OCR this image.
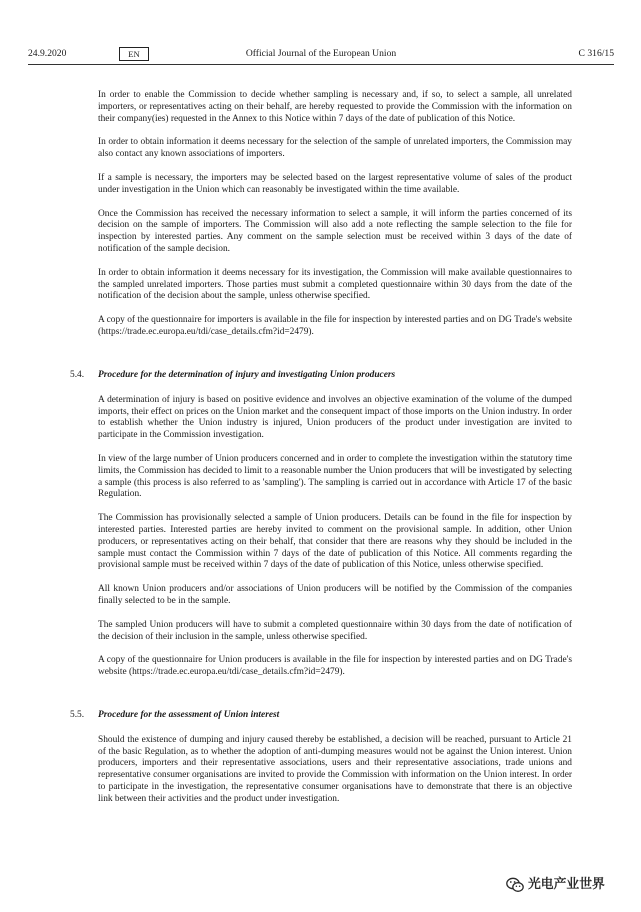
24.9.2020	Official Journal of the European Union
EN	C 316/15

In order to enable the Commission to decide whether sampling is necessary and, if so, to select a sample, all unrelated importers, or representatives acting on their behalf, are hereby requested to provide the Commission with the information on their company(ies) requested in the Annex to this Notice within 7 days of the date of publication of this Notice.

In order to obtain information it deems necessary for the selection of the sample of unrelated importers, the Commission may also contact any known associations of importers.

If a sample is necessary, the importers may be selected based on the largest representative volume of sales of the product under investigation in the Union which can reasonably be investigated within the time available.

Once the Commission has received the necessary information to select a sample, it will inform the parties concerned of its decision on the sample of importers. The Commission will also add a note reflecting the sample selection to the file for inspection by interested parties. Any comment on the sample selection must be received within 3 days of the date of notification of the sample decision.

In order to obtain information it deems necessary for its investigation, the Commission will make available questionnaires to the sampled unrelated importers. Those parties must submit a completed questionnaire within 30 days from the date of the notification of the decision about the sample, unless otherwise specified.

A copy of the questionnaire for importers is available in the file for inspection by interested parties and on DG Trade's website (https://trade.ec.europa.eu/tdi/case_details.cfm?id=2479).

5.4. Procedure for the determination of injury and investigating Union producers

A determination of injury is based on positive evidence and involves an objective examination of the volume of the dumped imports, their effect on prices on the Union market and the consequent impact of those imports on the Union industry. In order to establish whether the Union industry is injured, Union producers of the product under investigation are invited to participate in the Commission investigation.

In view of the large number of Union producers concerned and in order to complete the investigation within the statutory time limits, the Commission has decided to limit to a reasonable number the Union producers that will be investigated by selecting a sample (this process is also referred to as 'sampling'). The sampling is carried out in accordance with Article 17 of the basic Regulation.

The Commission has provisionally selected a sample of Union producers. Details can be found in the file for inspection by interested parties. Interested parties are hereby invited to comment on the provisional sample. In addition, other Union producers, or representatives acting on their behalf, that consider that there are reasons why they should be included in the sample must contact the Commission within 7 days of the date of publication of this Notice. All comments regarding the provisional sample must be received within 7 days of the date of publication of this Notice, unless otherwise specified.

All known Union producers and/or associations of Union producers will be notified by the Commission of the companies finally selected to be in the sample.

The sampled Union producers will have to submit a completed questionnaire within 30 days from the date of notification of the decision of their inclusion in the sample, unless otherwise specified.

A copy of the questionnaire for Union producers is available in the file for inspection by interested parties and on DG Trade's website (https://trade.ec.europa.eu/tdi/case_details.cfm?id=2479).

5.5. Procedure for the assessment of Union interest

Should the existence of dumping and injury caused thereby be established, a decision will be reached, pursuant to Article 21 of the basic Regulation, as to whether the adoption of anti-dumping measures would not be against the Union interest. Union producers, importers and their representative associations, users and their representative associations, trade unions and representative consumer organisations are invited to provide the Commission with information on the Union interest. In order to participate in the investigation, the representative consumer organisations have to demonstrate that there is an objective link between their activities and the product under investigation.

光电产业世界
